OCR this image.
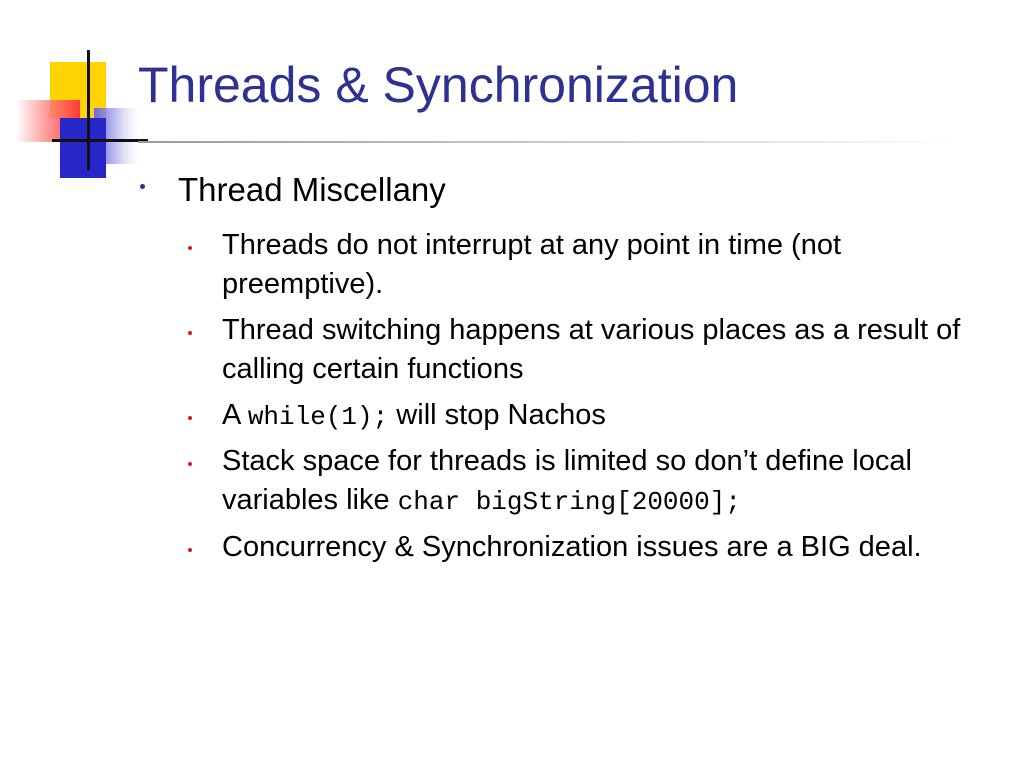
Threads & Synchronization
Thread Miscellany
Threads do not interrupt at any point in time (not preemptive).
Thread switching happens at various places as a result of calling certain functions
A while(1); will stop Nachos
Stack space for threads is limited so don’t define local variables like char bigString[20000];
Concurrency & Synchronization issues are a BIG deal.
